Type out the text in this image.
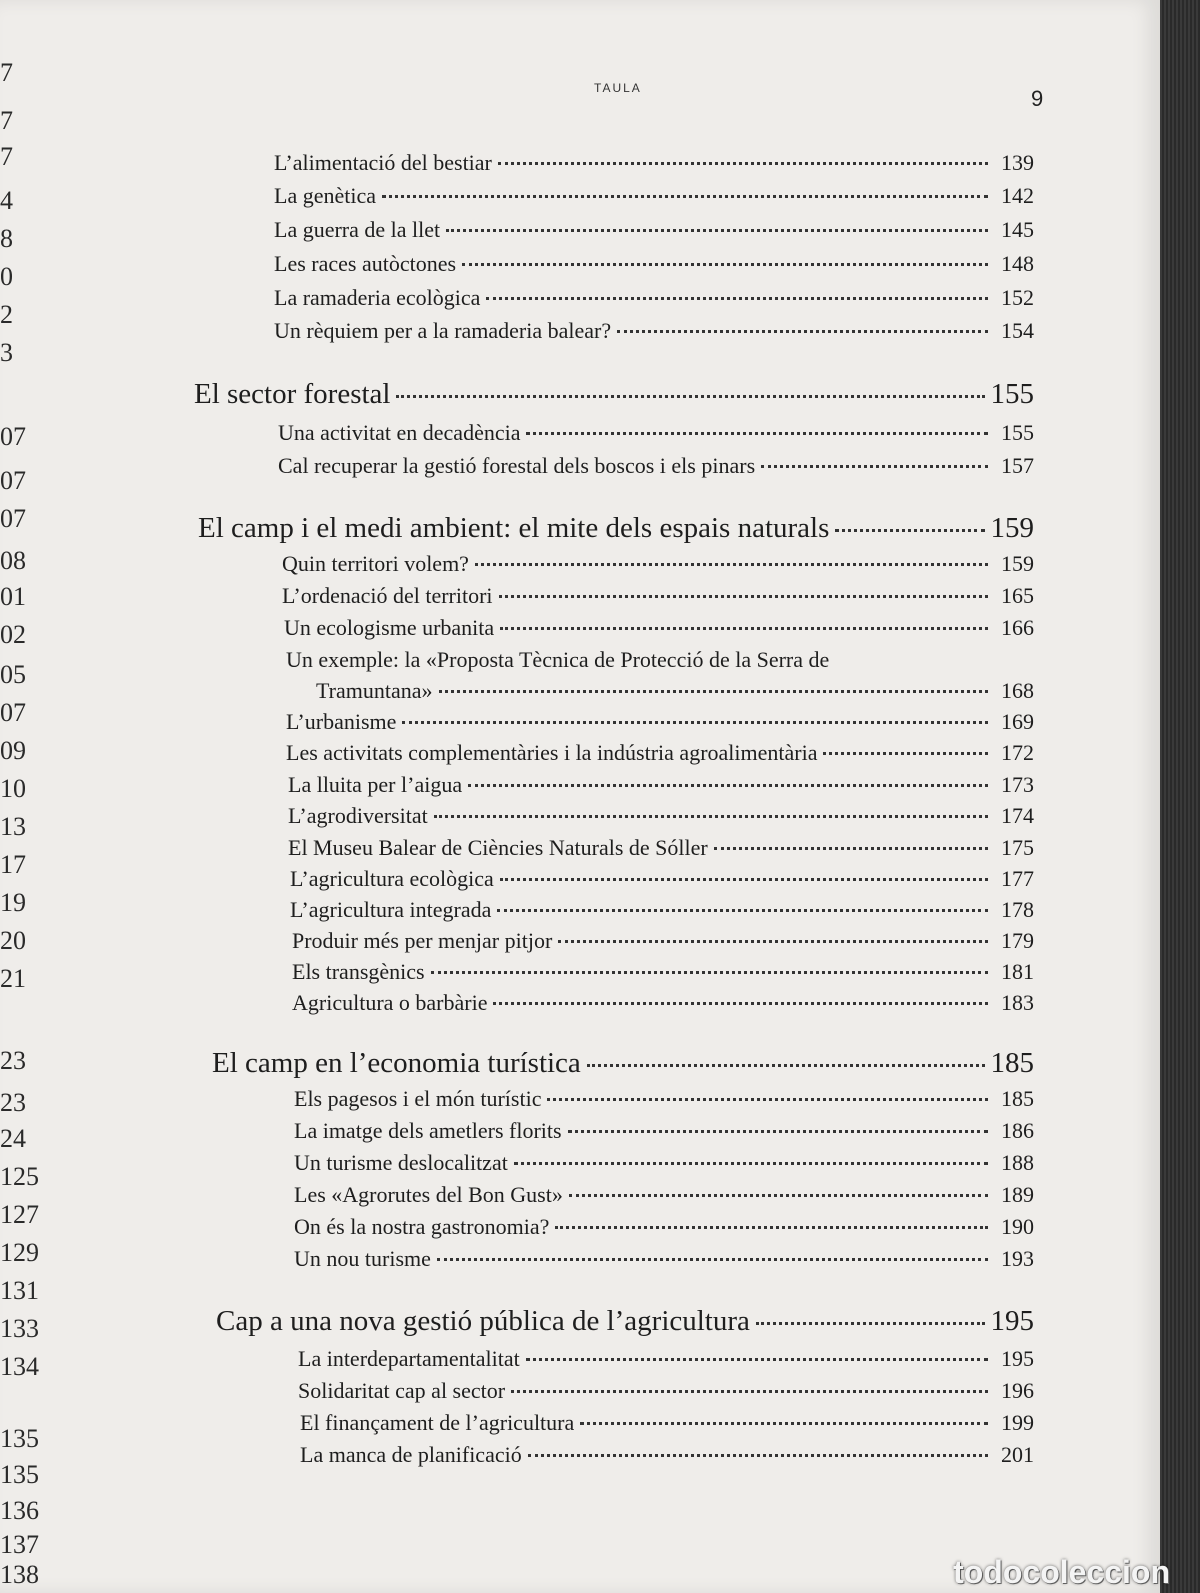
TAULA	9
7
7
7
4
8
0
2
3
07
07
07
08
01
02
05
07
09
10
13
17
19
20
21
23
23
24
125
127
129
131
133
134
135
135
136
137
138
L’alimentació del bestiar	139
La genètica	142
La guerra de la llet	145
Les races autòctones	148
La ramaderia ecològica	152
Un rèquiem per a la ramaderia balear?	154
El sector forestal	155
Una activitat en decadència	155
Cal recuperar la gestió forestal dels boscos i els pinars	157
El camp i el medi ambient: el mite dels espais naturals	159
Quin territori volem?	159
L’ordenació del territori	165
Un ecologisme urbanita	166
Un exemple: la «Proposta Tècnica de Protecció de la Serra de
Tramuntana»	168
L’urbanisme	169
Les activitats complementàries i la indústria agroalimentària	172
La lluita per l’aigua	173
L’agrodiversitat	174
El Museu Balear de Ciències Naturals de Sóller	175
L’agricultura ecològica	177
L’agricultura integrada	178
Produir més per menjar pitjor	179
Els transgènics	181
Agricultura o barbàrie	183
El camp en l’economia turística	185
Els pagesos i el món turístic	185
La imatge dels ametlers florits	186
Un turisme deslocalitzat	188
Les «Agrorutes del Bon Gust»	189
On és la nostra gastronomia?	190
Un nou turisme	193
Cap a una nova gestió pública de l’agricultura	195
La interdepartamentalitat	195
Solidaritat cap al sector	196
El finançament de l’agricultura	199
La manca de planificació	201
todocoleccion
